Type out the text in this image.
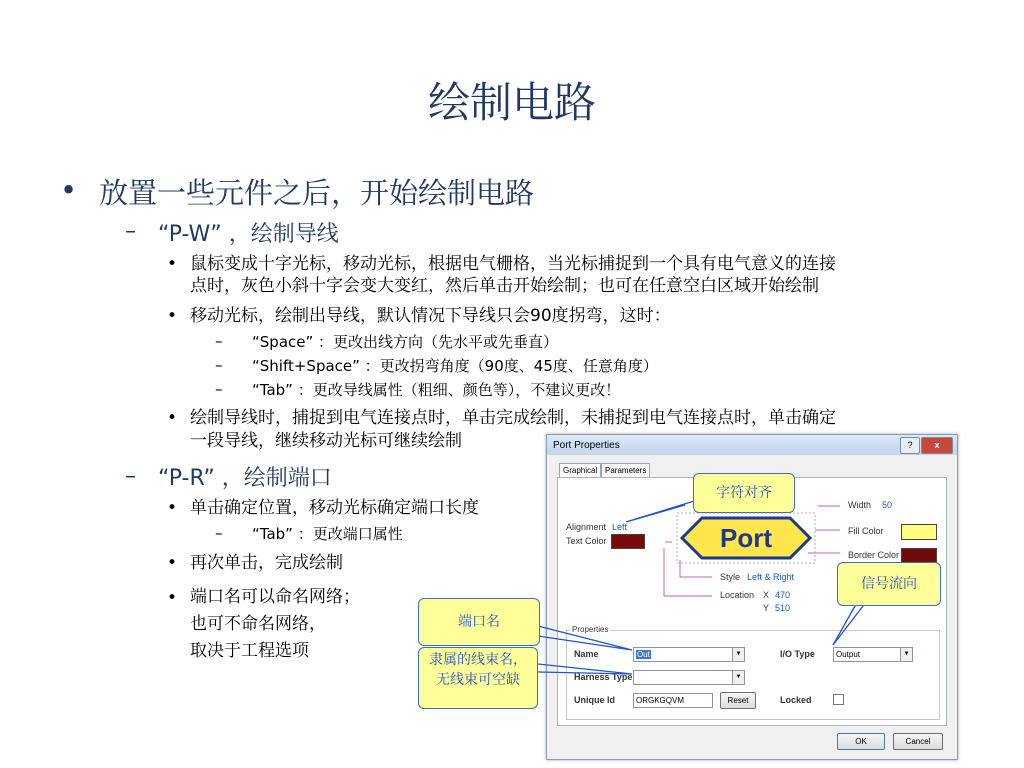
绘制电路
• 放置一些元件之后，开始绘制电路
– “P-W” ，绘制导线
• 鼠标变成十字光标，移动光标，根据电气栅格，当光标捕捉到一个具有电气意义的连接
点时，灰色小斜十字会变大变红，然后单击开始绘制；也可在任意空白区域开始绘制
• 移动光标，绘制出导线，默认情况下导线只会90度拐弯，这时：
– “Space” ：更改出线方向（先水平或先垂直）
– “Shift+Space” ：更改拐弯角度（90度、45度、任意角度）
– “Tab” ：更改导线属性（粗细、颜色等），不建议更改！
• 绘制导线时，捕捉到电气连接点时，单击完成绘制，未捕捉到电气连接点时，单击确定
一段导线，继续移动光标可继续绘制
– “P-R” ，绘制端口
• 单击确定位置，移动光标确定端口长度
– “Tab” ：更改端口属性
• 再次单击，完成绘制
• 端口名可以命名网络；
也可不命名网络，
取决于工程选项
Port Properties	?	x
Graphical Parameters
Alignment Left
Text Color
Width 50
Fill Color
Border Color
Style Left & Right
Location X 470
Y 510
Port
Properties
Name	Out	▼
Harness Type	▼
Unique Id	ORGKGQVM	Reset
I/O Type	Output	▼
Locked
OK	Cancel
字符对齐
信号流向
端口名
隶属的线束名，无线束可空缺
